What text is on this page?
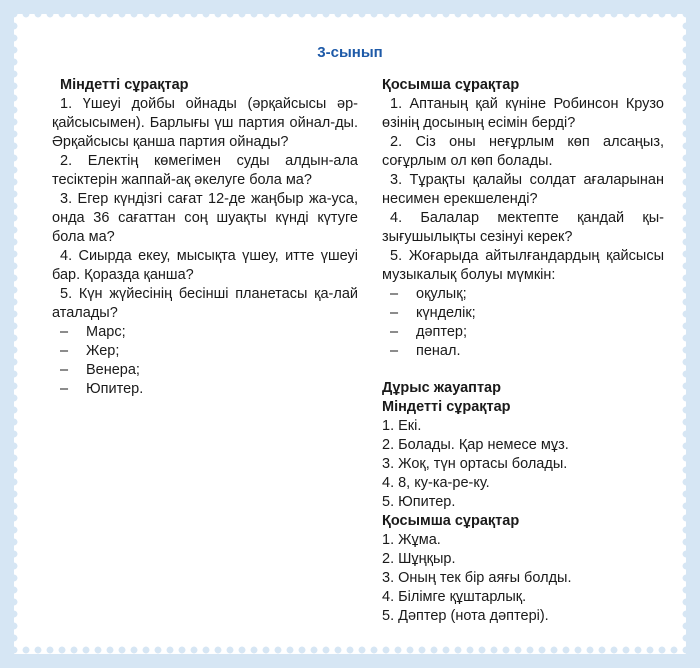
3-сынып
Міндетті сұрақтар
1. Үшеуі дойбы ойнады (әрқайсысы әр-қайсысымен). Барлығы үш партия ойнал-ды. Әрқайсысы қанша партия ойнады?
2. Електің көмегімен суды алдын-ала тесіктерін жаппай-ақ әкелуге бола ма?
3. Егер күндізгі сағат 12-де жаңбыр жа-уса, онда 36 сағаттан соң шуақты күнді күтуге бола ма?
4. Сиырда екеу, мысықта үшеу, итте үшеуі бар. Қоразда қанша?
5. Күн жүйесінің бесінші планетасы қа-лай аталады?
– Марс;
– Жер;
– Венера;
– Юпитер.
Қосымша сұрақтар
1. Аптаның қай күніне Робинсон Крузо өзінің досының есімін берді?
2. Сіз оны неғұрлым көп алсаңыз, соғұрлым ол көп болады.
3. Тұрақты қалайы солдат ағаларынан несимен ерекшеленді?
4. Балалар мектепте қандай қы-зығушылықты сезінуі керек?
5. Жоғарыда айтылғандардың қайсысы музыкалық болуы мүмкін:
– оқулық;
– күнделік;
– дәптер;
– пенал.
Дұрыс жауаптар
Міндетті сұрақтар
1. Екі.
2. Болады. Қар немесе мұз.
3. Жоқ, түн ортасы болады.
4. 8, ку-ка-ре-ку.
5. Юпитер.
Қосымша сұрақтар
1. Жұма.
2. Шұңқыр.
3. Оның тек бір аяғы болды.
4. Білімге құштарлық.
5. Дәптер (нота дәптері).
